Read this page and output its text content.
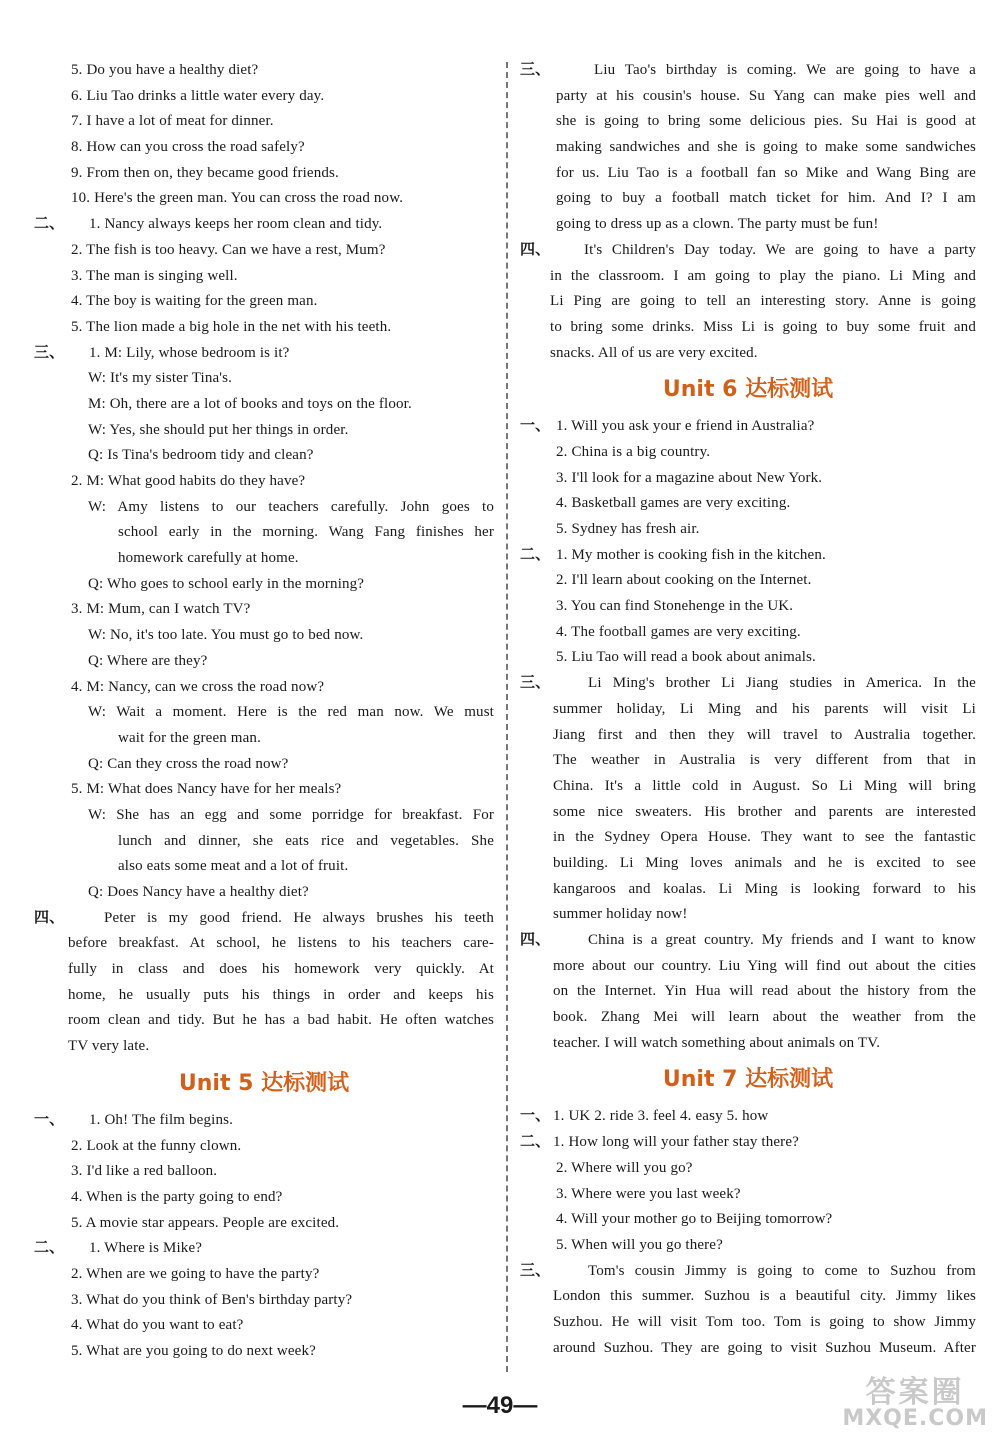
5. Do you have a healthy diet?
6. Liu Tao drinks a little water every day.
7. I have a lot of meat for dinner.
8. How can you cross the road safely?
9. From then on, they became good friends.
10. Here's the green man. You can cross the road now.
二、 1. Nancy always keeps her room clean and tidy.
2. The fish is too heavy. Can we have a rest, Mum?
3. The man is singing well.
4. The boy is waiting for the green man.
5. The lion made a big hole in the net with his teeth.
三、 1. M: Lily, whose bedroom is it?
W: It's my sister Tina's.
M: Oh, there are a lot of books and toys on the floor.
W: Yes, she should put her things in order.
Q: Is Tina's bedroom tidy and clean?
2. M: What good habits do they have?
W: Amy listens to our teachers carefully. John goes to
school early in the morning. Wang Fang finishes her
homework carefully at home.
Q: Who goes to school early in the morning?
3. M: Mum, can I watch TV?
W: No, it's too late. You must go to bed now.
Q: Where are they?
4. M: Nancy, can we cross the road now?
W: Wait a moment. Here is the red man now. We must
wait for the green man.
Q: Can they cross the road now?
5. M: What does Nancy have for her meals?
W: She has an egg and some porridge for breakfast. For
lunch and dinner, she eats rice and vegetables. She
also eats some meat and a lot of fruit.
Q: Does Nancy have a healthy diet?
四、	Peter is my good friend. He always brushes his teeth
before breakfast. At school, he listens to his teachers care-
fully in class and does his homework very quickly. At
home, he usually puts his things in order and keeps his
room clean and tidy. But he has a bad habit. He often watches
TV very late.
Unit 5 达标测试
一、 1. Oh! The film begins.
2. Look at the funny clown.
3. I'd like a red balloon.
4. When is the party going to end?
5. A movie star appears. People are excited.
二、 1. Where is Mike?
2. When are we going to have the party?
3. What do you think of Ben's birthday party?
4. What do you want to eat?
5. What are you going to do next week?
三、	Liu Tao's birthday is coming. We are going to have a
party at his cousin's house. Su Yang can make pies well and
she is going to bring some delicious pies. Su Hai is good at
making sandwiches and she is going to make some sandwiches
for us. Liu Tao is a football fan so Mike and Wang Bing are
going to buy a football match ticket for him. And I? I am
going to dress up as a clown. The party must be fun!
四、 It's Children's Day today. We are going to have a party
in the classroom. I am going to play the piano. Li Ming and
Li Ping are going to tell an interesting story. Anne is going
to bring some drinks. Miss Li is going to buy some fruit and
snacks. All of us are very excited.
Unit 6 达标测试
一、 1. Will you ask your e friend in Australia?
2. China is a big country.
3. I'll look for a magazine about New York.
4. Basketball games are very exciting.
5. Sydney has fresh air.
二、 1. My mother is cooking fish in the kitchen.
2. I'll learn about cooking on the Internet.
3. You can find Stonehenge in the UK.
4. The football games are very exciting.
5. Liu Tao will read a book about animals.
三、	Li Ming's brother Li Jiang studies in America. In the
summer holiday, Li Ming and his parents will visit Li
Jiang first and then they will travel to Australia together.
The weather in Australia is very different from that in
China. It's a little cold in August. So Li Ming will bring
some nice sweaters. His brother and parents are interested
in the Sydney Opera House. They want to see the fantastic
building. Li Ming loves animals and he is excited to see
kangaroos and koalas. Li Ming is looking forward to his
summer holiday now!
四、	China is a great country. My friends and I want to know
more about our country. Liu Ying will find out about the cities
on the Internet. Yin Hua will read about the history from the
book. Zhang Mei will learn about the weather from the
teacher. I will watch something about animals on TV.
Unit 7 达标测试
一、 1. UK 2. ride 3. feel 4. easy 5. how
二、 1. How long will your father stay there?
2. Where will you go?
3. Where were you last week?
4. Will your mother go to Beijing tomorrow?
5. When will you go there?
三、	Tom's cousin Jimmy is going to come to Suzhou from
London this summer. Suzhou is a beautiful city. Jimmy likes
Suzhou. He will visit Tom too. Tom is going to show Jimmy
around Suzhou. They are going to visit Suzhou Museum. After
—49—	答案圈
MXQE.COM
